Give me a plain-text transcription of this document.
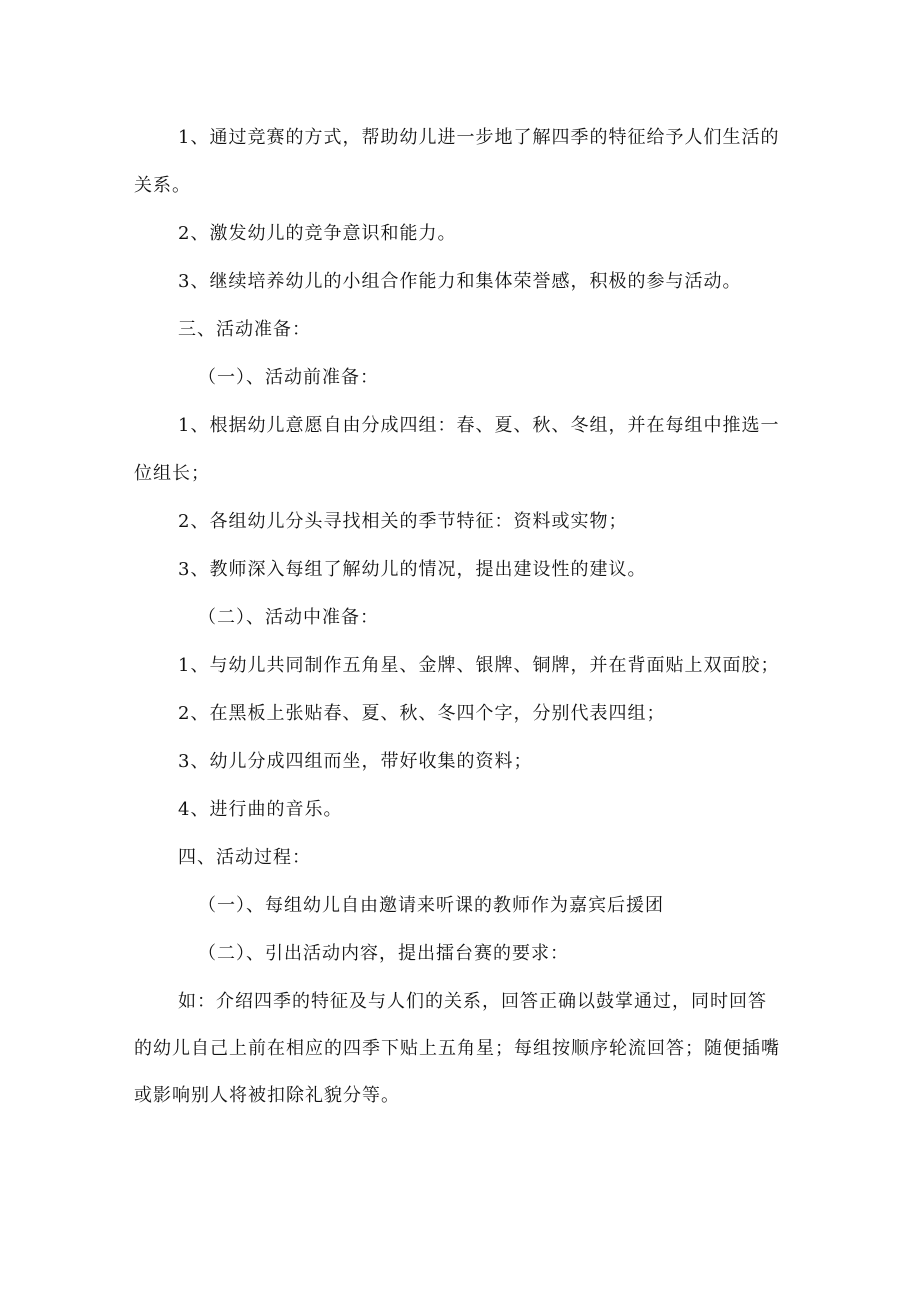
1、通过竞赛的方式，帮助幼儿进一步地了解四季的特征给予人们生活的关系。

2、激发幼儿的竞争意识和能力。

3、继续培养幼儿的小组合作能力和集体荣誉感，积极的参与活动。

三、活动准备：

（一）、活动前准备：

1、根据幼儿意愿自由分成四组：春、夏、秋、冬组，并在每组中推选一位组长；

2、各组幼儿分头寻找相关的季节特征：资料或实物；

3、教师深入每组了解幼儿的情况，提出建设性的建议。

（二）、活动中准备：

1、与幼儿共同制作五角星、金牌、银牌、铜牌，并在背面贴上双面胶；

2、在黑板上张贴春、夏、秋、冬四个字，分别代表四组；

3、幼儿分成四组而坐，带好收集的资料；

4、进行曲的音乐。

四、活动过程：

（一）、每组幼儿自由邀请来听课的教师作为嘉宾后援团

（二）、引出活动内容，提出擂台赛的要求：

如：介绍四季的特征及与人们的关系，回答正确以鼓掌通过，同时回答的幼儿自己上前在相应的四季下贴上五角星；每组按顺序轮流回答；随便插嘴或影响别人将被扣除礼貌分等。
